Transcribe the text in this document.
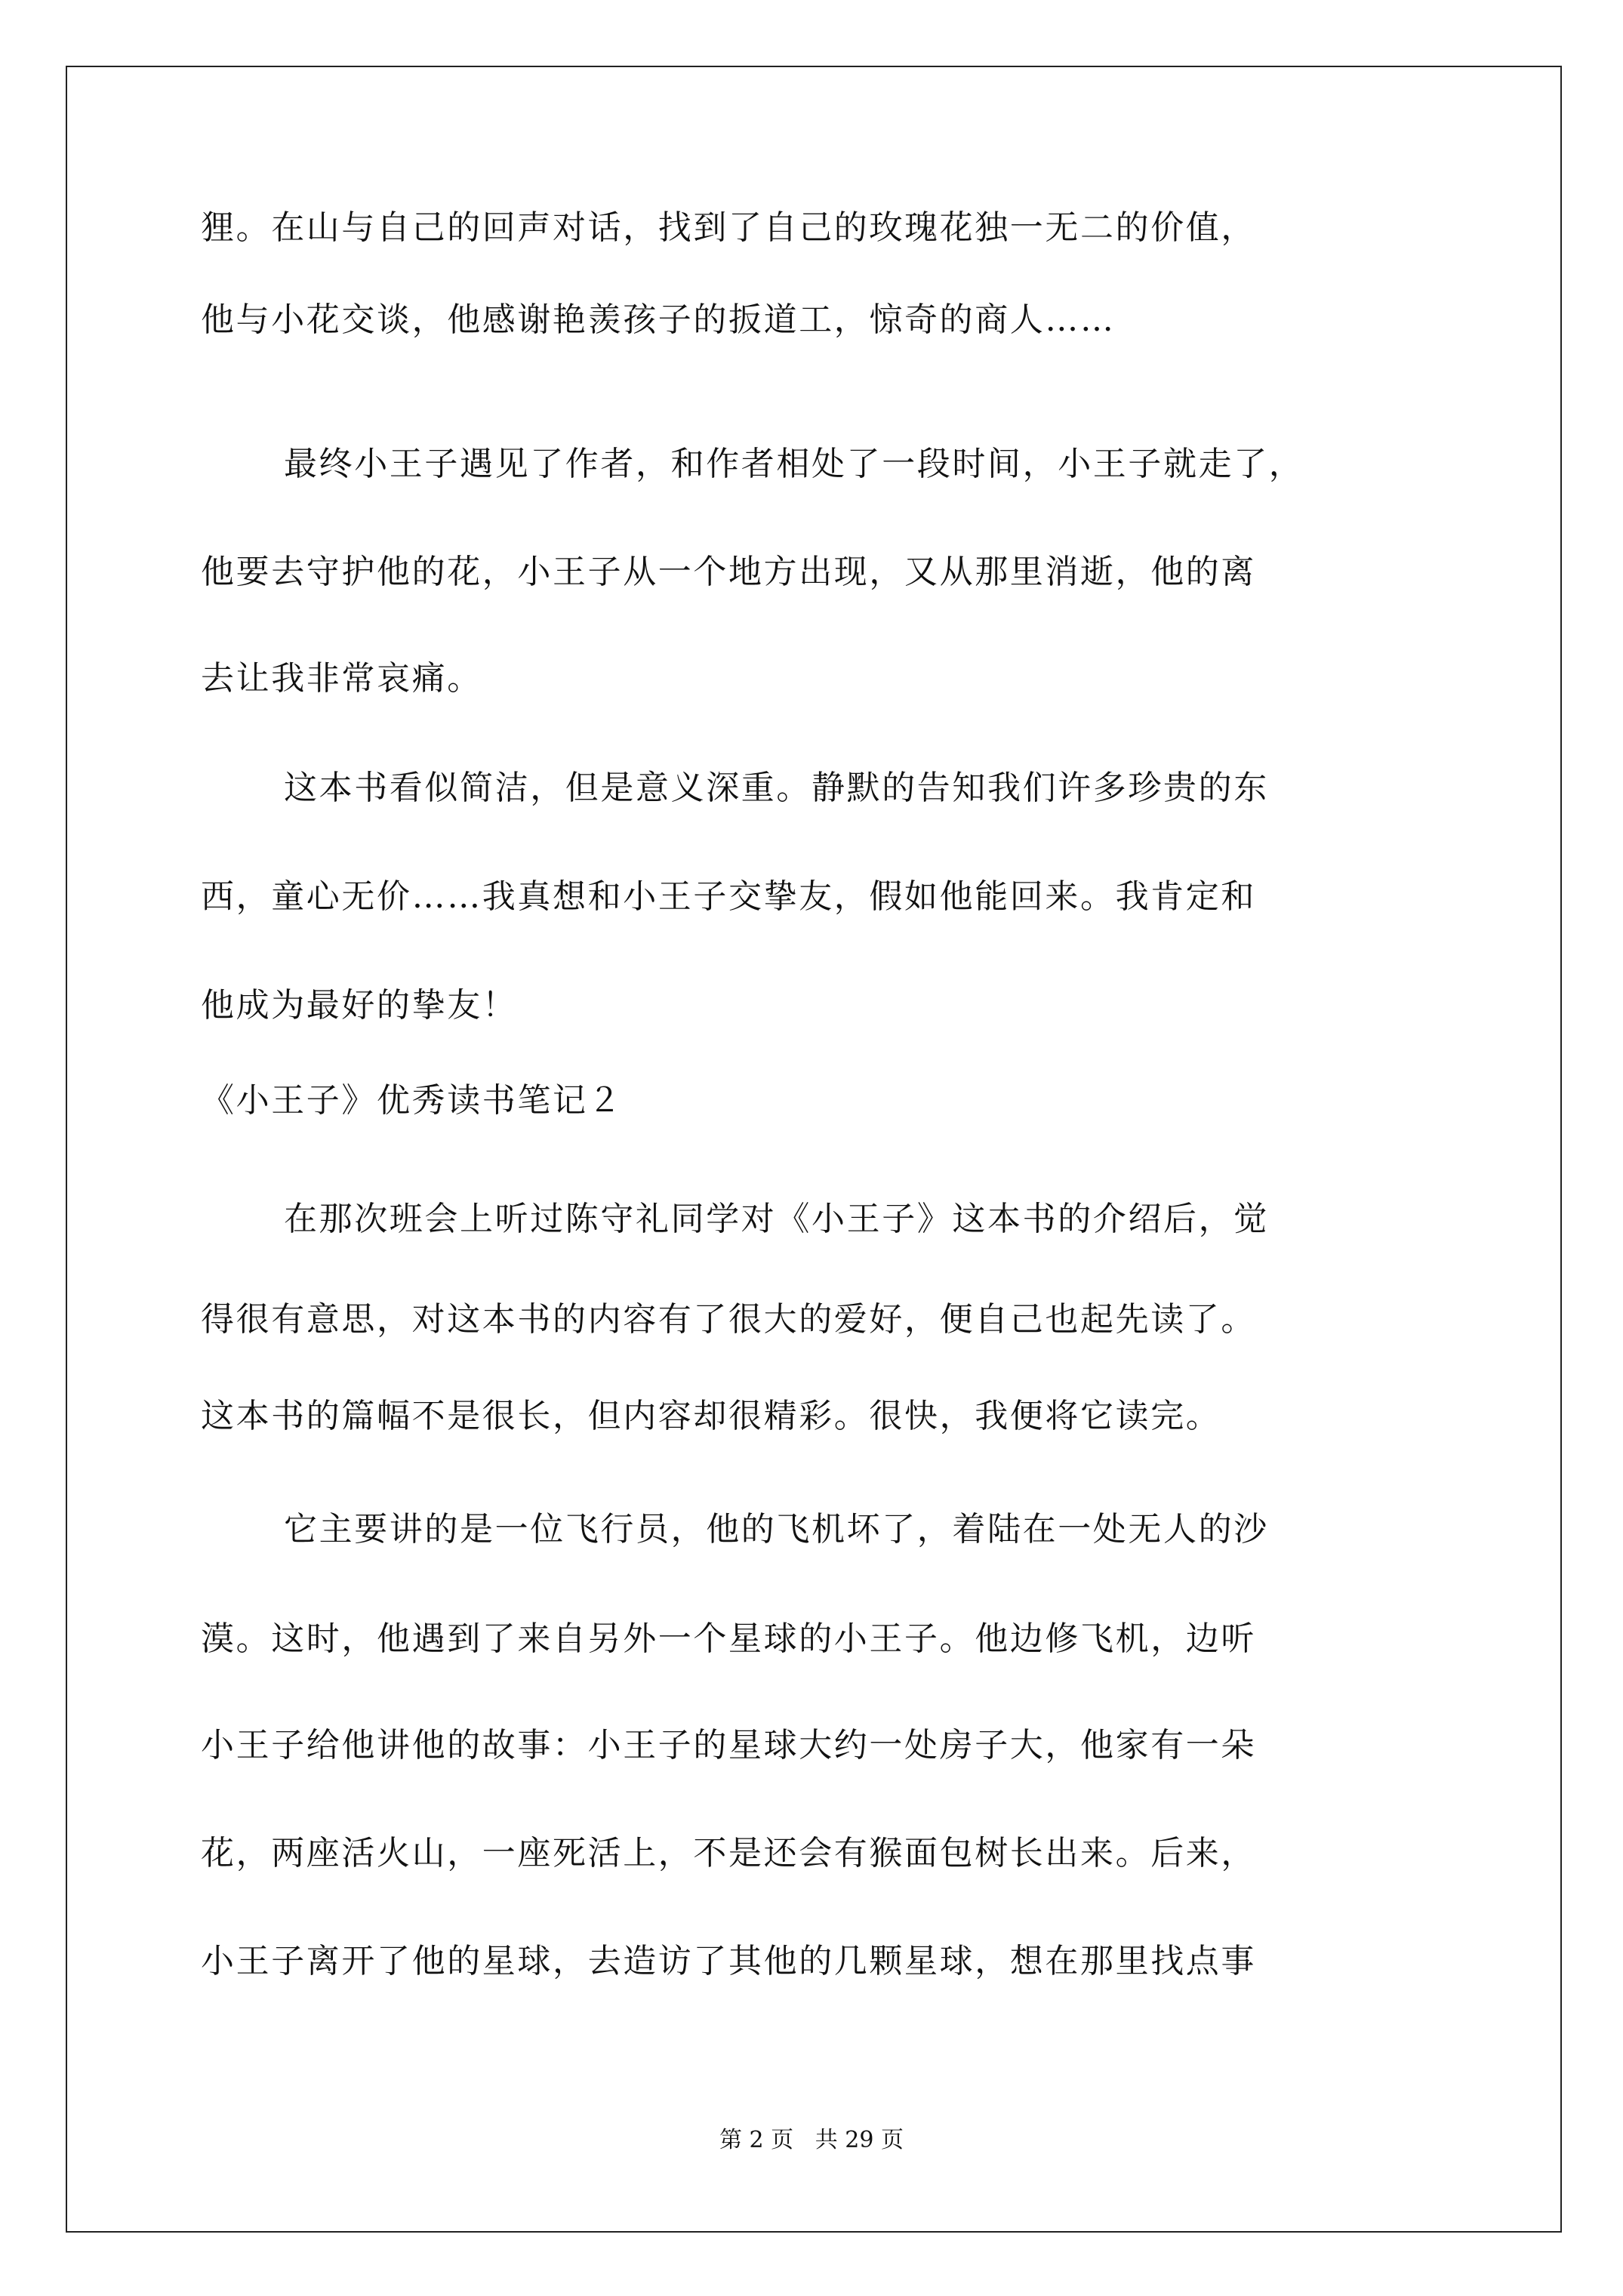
狸。在山与自己的回声对话，找到了自己的玫瑰花独一无二的价值，
他与小花交谈，他感谢艳羡孩子的扳道工，惊奇的商人……
最终小王子遇见了作者，和作者相处了一段时间，小王子就走了，
他要去守护他的花，小王子从一个地方出现，又从那里消逝，他的离
去让我非常哀痛。
这本书看似简洁，但是意义深重。静默的告知我们许多珍贵的东
西，童心无价……我真想和小王子交挚友，假如他能回来。我肯定和
他成为最好的挚友！
《小王子》优秀读书笔记２
在那次班会上听过陈守礼同学对《小王子》这本书的介绍后，觉
得很有意思，对这本书的内容有了很大的爱好，便自己也起先读了。
这本书的篇幅不是很长，但内容却很精彩。很快，我便将它读完。
它主要讲的是一位飞行员，他的飞机坏了，着陆在一处无人的沙
漠。这时，他遇到了来自另外一个星球的小王子。他边修飞机，边听
小王子给他讲他的故事：小王子的星球大约一处房子大，他家有一朵
花，两座活火山，一座死活上，不是还会有猴面包树长出来。后来，
小王子离开了他的星球，去造访了其他的几颗星球，想在那里找点事
第 2 页   共 29 页
